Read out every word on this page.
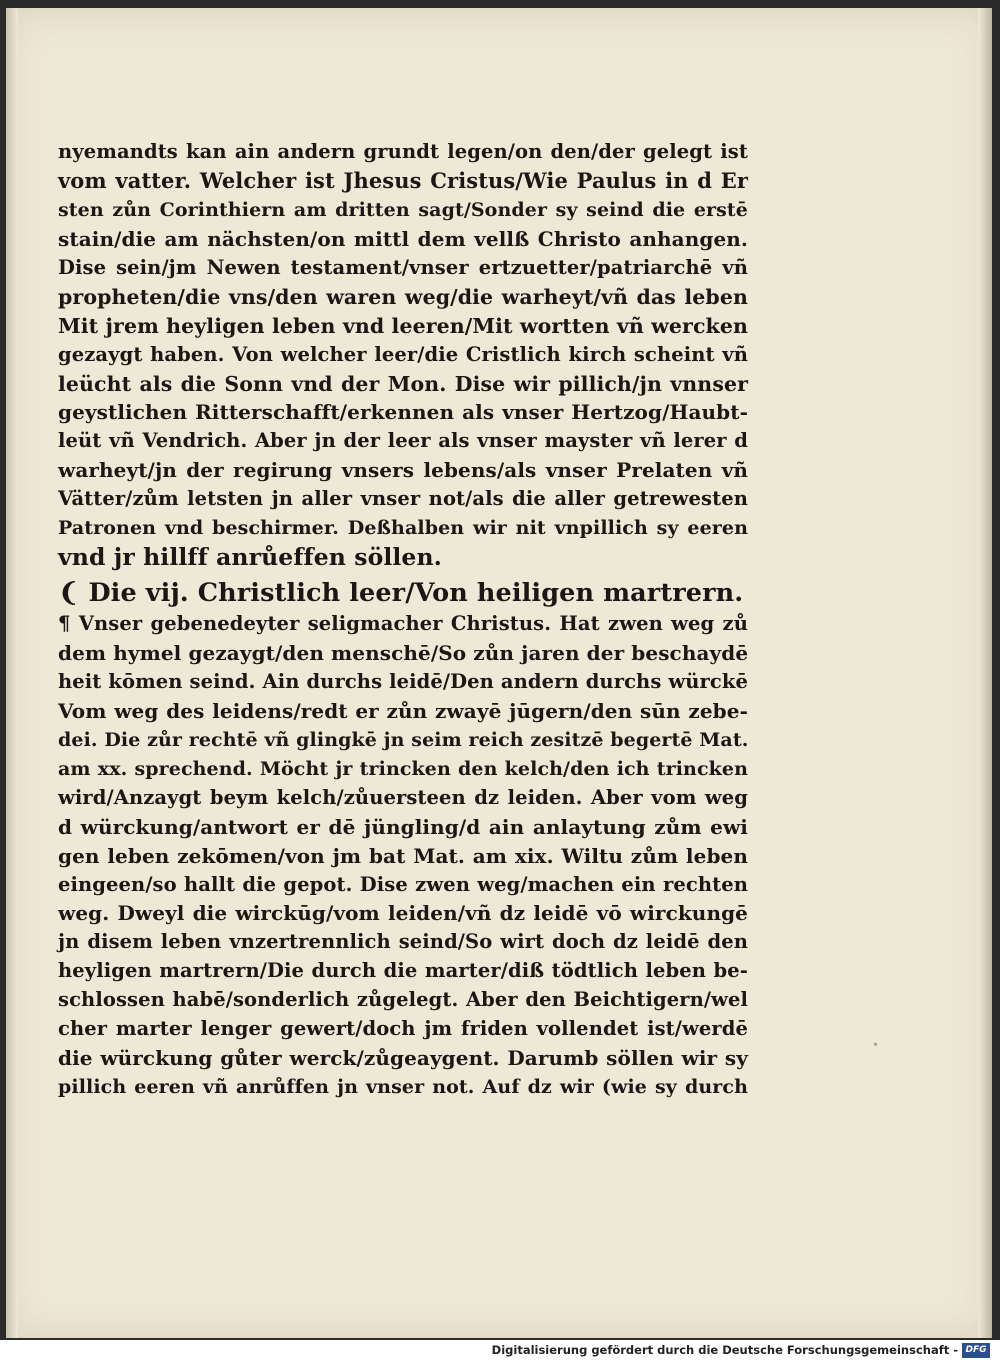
nyemandts kan ain andern grundt legen/on den/der gelegt ist
vom vatter. Welcher ist Jhesus Cristus/Wie Paulus in d Er
sten zůn Corinthiern am dritten sagt/Sonder sy seind die erstē
stain/die am nächsten/on mittl dem vellß Christo anhangen.
Dise sein/jm Newen testament/vnser ertzuetter/patriarchē vñ
propheten/die vns/den waren weg/die warheyt/vñ das leben
Mit jrem heyligen leben vnd leeren/Mit wortten vñ wercken
gezaygt haben. Von welcher leer/die Cristlich kirch scheint vñ
leücht als die Sonn vnd der Mon. Dise wir pillich/jn vnnser
geystlichen Ritterschafft/erkennen als vnser Hertzog/Haubt-
leüt vñ Vendrich. Aber jn der leer als vnser mayster vñ lerer d
warheyt/jn der regirung vnsers lebens/als vnser Prelaten vñ
Vätter/zům letsten jn aller vnser not/als die aller getrewesten
Patronen vnd beschirmer. Deßhalben wir nit vnpillich sy eeren
vnd jr hillff anrůeffen söllen.
❨ Die vij. Christlich leer/Von heiligen martrern.
¶ Vnser gebenedeyter seligmacher Christus. Hat zwen weg zů
dem hymel gezaygt/den menschē/So zůn jaren der beschaydē
heit kōmen seind. Ain durchs leidē/Den andern durchs würckē
Vom weg des leidens/redt er zůn zwayē jūgern/den sūn zebe-
dei. Die zůr rechtē vñ glingkē jn seim reich zesitzē begertē Mat.
am xx. sprechend. Möcht jr trincken den kelch/den ich trincken
wird/Anzaygt beym kelch/zůuersteen dz leiden. Aber vom weg
d würckung/antwort er dē jüngling/d ain anlaytung zům ewi
gen leben zekōmen/von jm bat Mat. am xix. Wiltu zům leben
eingeen/so hallt die gepot. Dise zwen weg/machen ein rechten
weg. Dweyl die wirckūg/vom leiden/vñ dz leidē vō wirckungē
jn disem leben vnzertrennlich seind/So wirt doch dz leidē den
heyligen martrern/Die durch die marter/diß tödtlich leben be-
schlossen habē/sonderlich zůgelegt. Aber den Beichtigern/wel
cher marter lenger gewert/doch jm friden vollendet ist/werdē
die würckung gůter werck/zůgeaygent. Darumb söllen wir sy
pillich eeren vñ anrůffen jn vnser not. Auf dz wir (wie sy durch
•
Digitalisierung gefördert durch die Deutsche Forschungsgemeinschaft - DFG
